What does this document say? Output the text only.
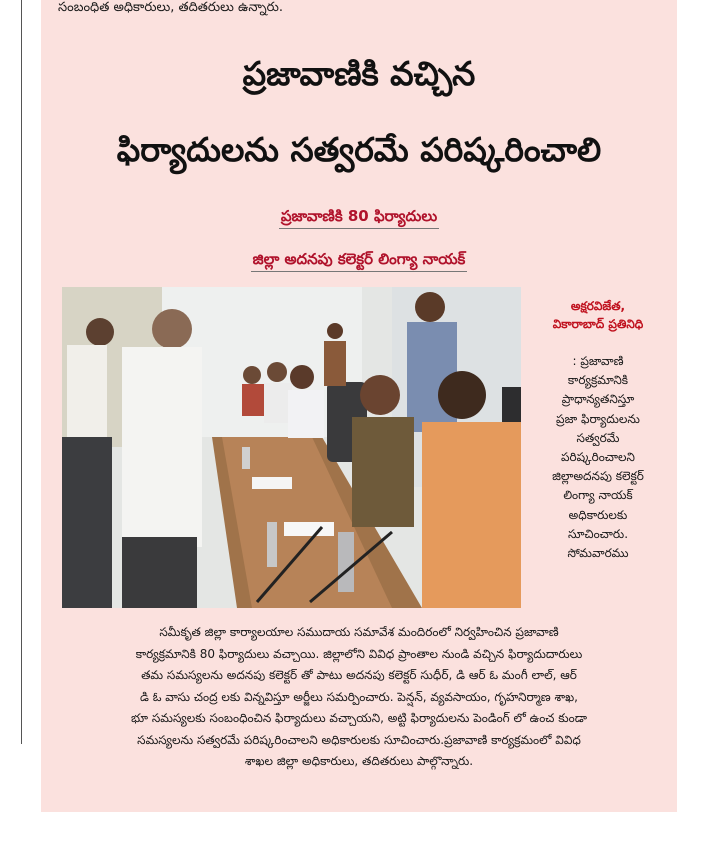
సంబంధిత అధికారులు, తదితరులు ఉన్నారు.
ప్రజావాణికి వచ్చిన
ఫిర్యాదులను సత్వరమే పరిష్కరించాలి
ప్రజావాణికి 80 ఫిర్యాదులు
జిల్లా అదనపు కలెక్టర్ లింగ్యా నాయక్
అక్షరవిజేత,
వికారాబాద్ ప్రతినిధి
: ప్రజావాణి
కార్యక్రమానికి
ప్రాధాన్యతనిస్తూ
ప్రజా ఫిర్యాదులను
సత్వరమే
పరిష్కరించాలని
జిల్లాఅదనపు కలెక్టర్
లింగ్యా నాయక్
అధికారులకు
సూచించారు.
సోమవారము
సమీకృత జిల్లా కార్యాలయాల సముదాయ సమావేశ మందిరంలో నిర్వహించిన ప్రజావాణి
కార్యక్రమానికి 80 ఫిర్యాదులు వచ్చాయి. జిల్లాలోని వివిధ ప్రాంతాల నుండి వచ్చిన ఫిర్యాదుదారులు
తమ సమస్యలను అదనపు కలెక్టర్ తో పాటు అదనపు కలెక్టర్ సుధీర్, డి ఆర్ ఓ మంగీ లాల్, ఆర్
డి ఓ వాసు చంద్ర లకు విన్నవిస్తూ అర్జీలు సమర్పించారు. పెన్షన్, వ్యవసాయం, గృహనిర్మాణ శాఖ,
భూ సమస్యలకు సంబంధించిన ఫిర్యాదులు వచ్చాయని, అట్టి ఫిర్యాదులను పెండింగ్ లో ఉంచ కుండా
సమస్యలను సత్వరమే పరిష్కరించాలని అధికారులకు సూచించారు.ప్రజావాణి కార్యక్రమంలో వివిధ
శాఖల జిల్లా అధికారులు, తదితరులు పాల్గొన్నారు.
